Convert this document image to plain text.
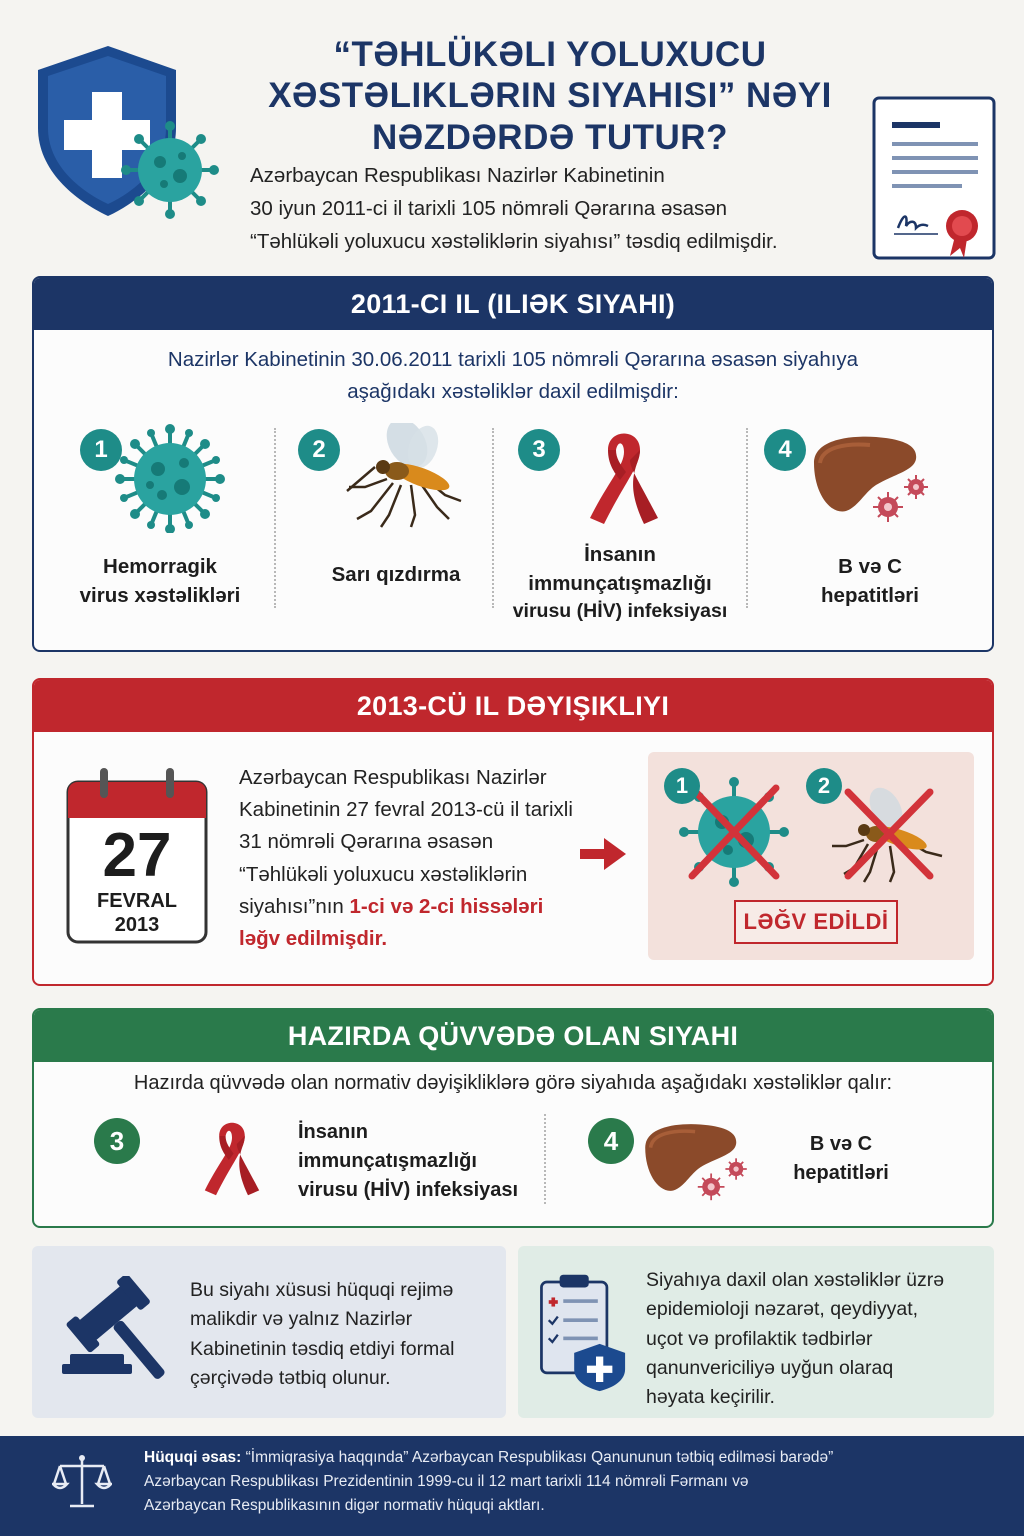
“TƏHLÜKƏLI YOLUXUCU XƏSTƏLIKLƏRIN SIYAHISI” NƏYI NƏZDƏRDƏ TUTUR?
Azərbaycan Respublikası Nazirlər Kabinetinin
30 iyun 2011-ci il tarixli 105 nömrəli Qərarına əsasən
“Təhlükəli yoluxucu xəstəliklərin siyahısı” təsdiq edilmişdir.
2011-CI IL (ILIƏK SIYAHI)
Nazirlər Kabinetinin 30.06.2011 tarixli 105 nömrəli Qərarına əsasən siyahıya
aşağıdakı xəstəliklər daxil edilmişdir:
1
Hemorragik
virus xəstəlikləri
2
Sarı qızdırma
3
İnsanın
immunçatışmazlığı
virusu (HİV) infeksiyası
4
B və C
hepatitləri
2013-CÜ IL DƏYIŞIKLIYI
27
FEVRAL
2013
Azərbaycan Respublikası Nazirlər
Kabinetinin 27 fevral 2013-cü il tarixli
31 nömrəli Qərarına əsasən
“Təhlükəli yoluxucu xəstəliklərin
siyahısı”nın 1-ci və 2-ci hissələri
ləğv edilmişdir.
1	2
LƏĞV EDİLDİ
HAZIRDA QÜVVƏDƏ OLAN SIYAHI
Hazırda qüvvədə olan normativ dəyişikliklərə görə siyahıda aşağıdakı xəstəliklər qalır:
3	İnsanın
immunçatışmazlığı
virusu (HİV) infeksiyası
4	B və C
hepatitləri
Bu siyahı xüsusi hüquqi rejimə
malikdir və yalnız Nazirlər
Kabinetinin təsdiq etdiyi formal
çərçivədə tətbiq olunur.
Siyahıya daxil olan xəstəliklər üzrə
epidemioloji nəzarət, qeydiyyat,
uçot və profilaktik tədbirlər
qanunvericiliyə uyğun olaraq
həyata keçirilir.
Hüquqi əsas: “İmmiqrasiya haqqında” Azərbaycan Respublikası Qanununun tətbiq edilməsi barədə”
Azərbaycan Respublikası Prezidentinin 1999-cu il 12 mart tarixli 114 nömrəli Fərmanı və
Azərbaycan Respublikasının digər normativ hüquqi aktları.
